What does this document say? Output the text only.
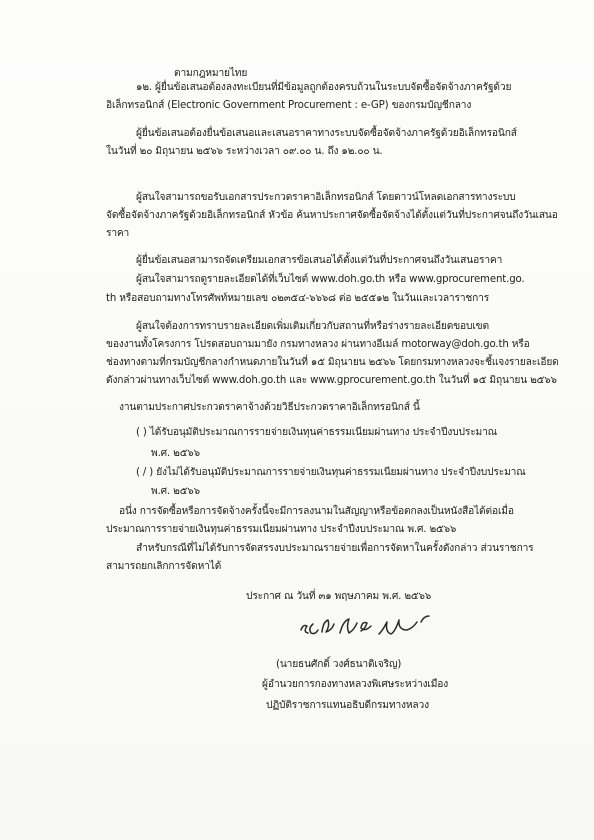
ตามกฎหมายไทย
๑๒. ผู้ยื่นข้อเสนอต้องลงทะเบียนที่มีข้อมูลถูกต้องครบถ้วนในระบบจัดซื้อจัดจ้างภาครัฐด้วย
อิเล็กทรอนิกส์ (Electronic Government Procurement : e-GP) ของกรมบัญชีกลาง
ผู้ยื่นข้อเสนอต้องยื่นข้อเสนอและเสนอราคาทางระบบจัดซื้อจัดจ้างภาครัฐด้วยอิเล็กทรอนิกส์
ในวันที่ ๒๐ มิถุนายน ๒๕๖๖ ระหว่างเวลา ๐๙.๐๐ น. ถึง ๑๒.๐๐ น.
ผู้สนใจสามารถขอรับเอกสารประกวดราคาอิเล็กทรอนิกส์ โดยดาวน์โหลดเอกสารทางระบบ
จัดซื้อจัดจ้างภาครัฐด้วยอิเล็กทรอนิกส์ หัวข้อ ค้นหาประกาศจัดซื้อจัดจ้างได้ตั้งแต่วันที่ประกาศจนถึงวันเสนอ
ราคา
ผู้ยื่นข้อเสนอสามารถจัดเตรียมเอกสารข้อเสนอได้ตั้งแต่วันที่ประกาศจนถึงวันเสนอราคา
ผู้สนใจสามารถดูรายละเอียดได้ที่เว็บไซต์ www.doh.go.th หรือ www.gprocurement.go.
th หรือสอบถามทางโทรศัพท์หมายเลข ๐๒๓๕๔-๖๖๖๘ ต่อ ๒๕๕๑๒ ในวันและเวลาราชการ
ผู้สนใจต้องการทราบรายละเอียดเพิ่มเติมเกี่ยวกับสถานที่หรือร่างรายละเอียดขอบเขต
ของงานทั้งโครงการ โปรดสอบถามมายัง กรมทางหลวง ผ่านทางอีเมล์ motorway@doh.go.th หรือ
ช่องทางตามที่กรมบัญชีกลางกำหนดภายในวันที่ ๑๕ มิถุนายน ๒๕๖๖ โดยกรมทางหลวงจะชี้แจงรายละเอียด
ดังกล่าวผ่านทางเว็บไซต์ www.doh.go.th และ www.gprocurement.go.th ในวันที่ ๑๕ มิถุนายน ๒๕๖๖
งานตามประกาศประกวดราคาจ้างด้วยวิธีประกวดราคาอิเล็กทรอนิกส์ นี้
( ) ได้รับอนุมัติประมาณการรายจ่ายเงินทุนค่าธรรมเนียมผ่านทาง ประจำปีงบประมาณ
พ.ศ. ๒๕๖๖
( / ) ยังไม่ได้รับอนุมัติประมาณการรายจ่ายเงินทุนค่าธรรมเนียมผ่านทาง ประจำปีงบประมาณ
พ.ศ. ๒๕๖๖
อนึ่ง การจัดซื้อหรือการจัดจ้างครั้งนี้จะมีการลงนามในสัญญาหรือข้อตกลงเป็นหนังสือได้ต่อเมื่อ
ประมาณการรายจ่ายเงินทุนค่าธรรมเนียมผ่านทาง ประจำปีงบประมาณ พ.ศ. ๒๕๖๖
สำหรับกรณีที่ไม่ได้รับการจัดสรรงบประมาณรายจ่ายเพื่อการจัดหาในครั้งดังกล่าว ส่วนราชการ
สามารถยกเลิกการจัดหาได้
ประกาศ ณ วันที่ ๓๑ พฤษภาคม พ.ศ. ๒๕๖๖
(นายธนศักดิ์ วงศ์ธนาดิเจริญ)
ผู้อำนวยการกองทางหลวงพิเศษระหว่างเมือง
ปฏิบัติราชการแทนอธิบดีกรมทางหลวง
